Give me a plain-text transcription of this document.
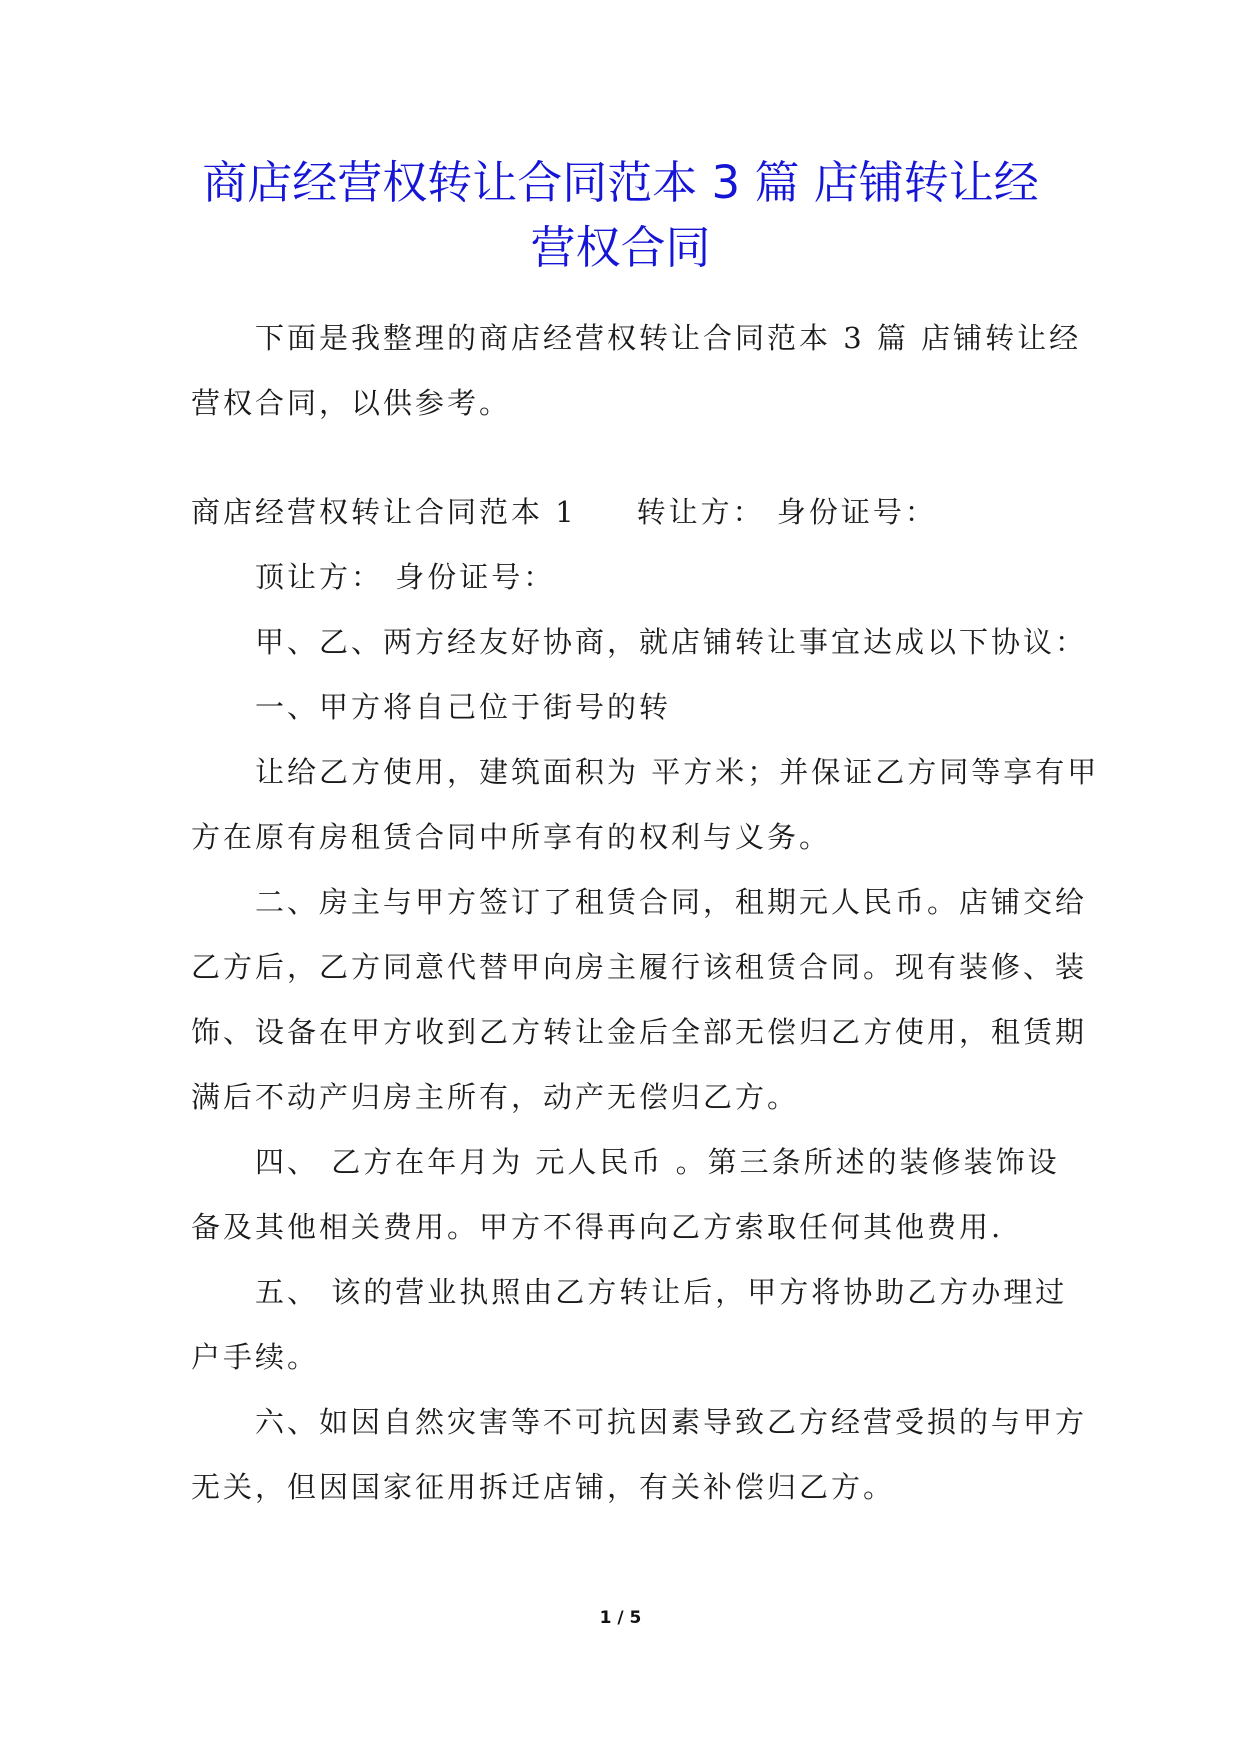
商店经营权转让合同范本 3 篇 店铺转让经
营权合同

下面是我整理的商店经营权转让合同范本 3 篇 店铺转让经

营权合同，以供参考。

商店经营权转让合同范本 1 转让方： 身份证号：

顶让方： 身份证号：

甲、乙、两方经友好协商，就店铺转让事宜达成以下协议：

一、甲方将自己位于街号的转

让给乙方使用，建筑面积为 平方米；并保证乙方同等享有甲

方在原有房租赁合同中所享有的权利与义务。

二、房主与甲方签订了租赁合同，租期元人民币。店铺交给

乙方后，乙方同意代替甲向房主履行该租赁合同。现有装修、装

饰、设备在甲方收到乙方转让金后全部无偿归乙方使用，租赁期

满后不动产归房主所有，动产无偿归乙方。

四、 乙方在年月为 元人民币 。第三条所述的装修装饰设

备及其他相关费用。甲方不得再向乙方索取任何其他费用.

五、 该的营业执照由乙方转让后，甲方将协助乙方办理过

户手续。

六、如因自然灾害等不可抗因素导致乙方经营受损的与甲方

无关，但因国家征用拆迁店铺，有关补偿归乙方。

1 / 5
